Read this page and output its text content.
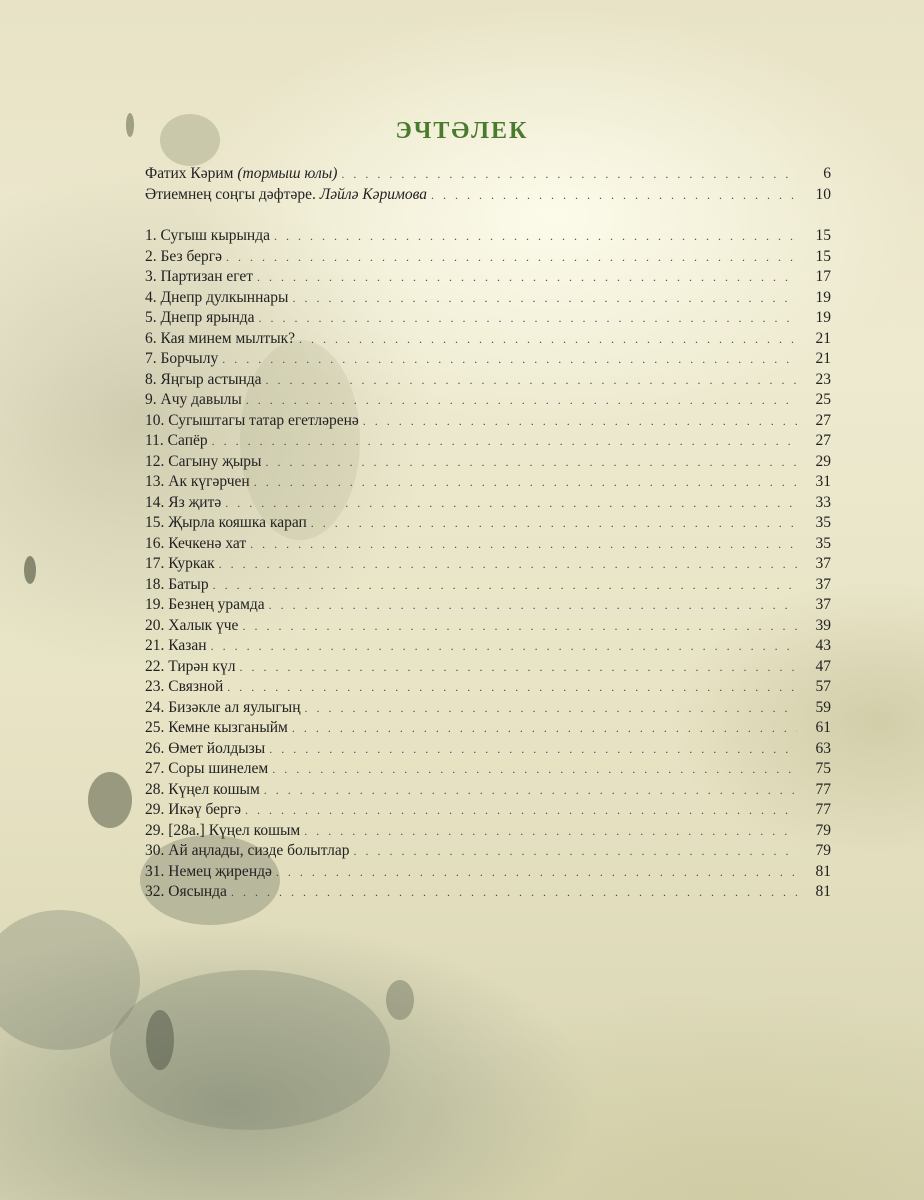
ЭЧТӘЛЕК
Фатих Кәрим (тормыш юлы) . . .	6
Әтиемнең соңгы дәфтәре. Ләйлә Кәримова . . .	10
1. Сугыш кырында . . .	15
2. Без бергә . . .	15
3. Партизан егет . . .	17
4. Днепр дулкыннары . . .	19
5. Днепр ярында . . .	19
6. Кая минем мылтык? . . .	21
7. Борчылу . . .	21
8. Яңгыр астында . . .	23
9. Ачу давылы . . .	25
10. Сугыштагы татар егетләренә . . .	27
11. Сапёр . . .	27
12. Сагыну җыры . . .	29
13. Ак күгәрчен . . .	31
14. Яз җитә . . .	33
15. Җырла кояшка карап . . .	35
16. Кечкенә хат . . .	35
17. Куркак . . .	37
18. Батыр . . .	37
19. Безнең урамда . . .	37
20. Халык үче . . .	39
21. Казан . . .	43
22. Тирән күл . . .	47
23. Связной . . .	57
24. Бизәкле ал яулыгың . . .	59
25. Кемне кызганыйм . . .	61
26. Өмет йолдызы . . .	63
27. Соры шинелем . . .	75
28. Күңел кошым . . .	77
29. Икәү бергә . . .	77
29. [28а.] Күңел кошым . . .	79
30. Ай аңлады, сизде болытлар . . .	79
31. Немец җирендә . . .	81
32. Оясында . . .	81
